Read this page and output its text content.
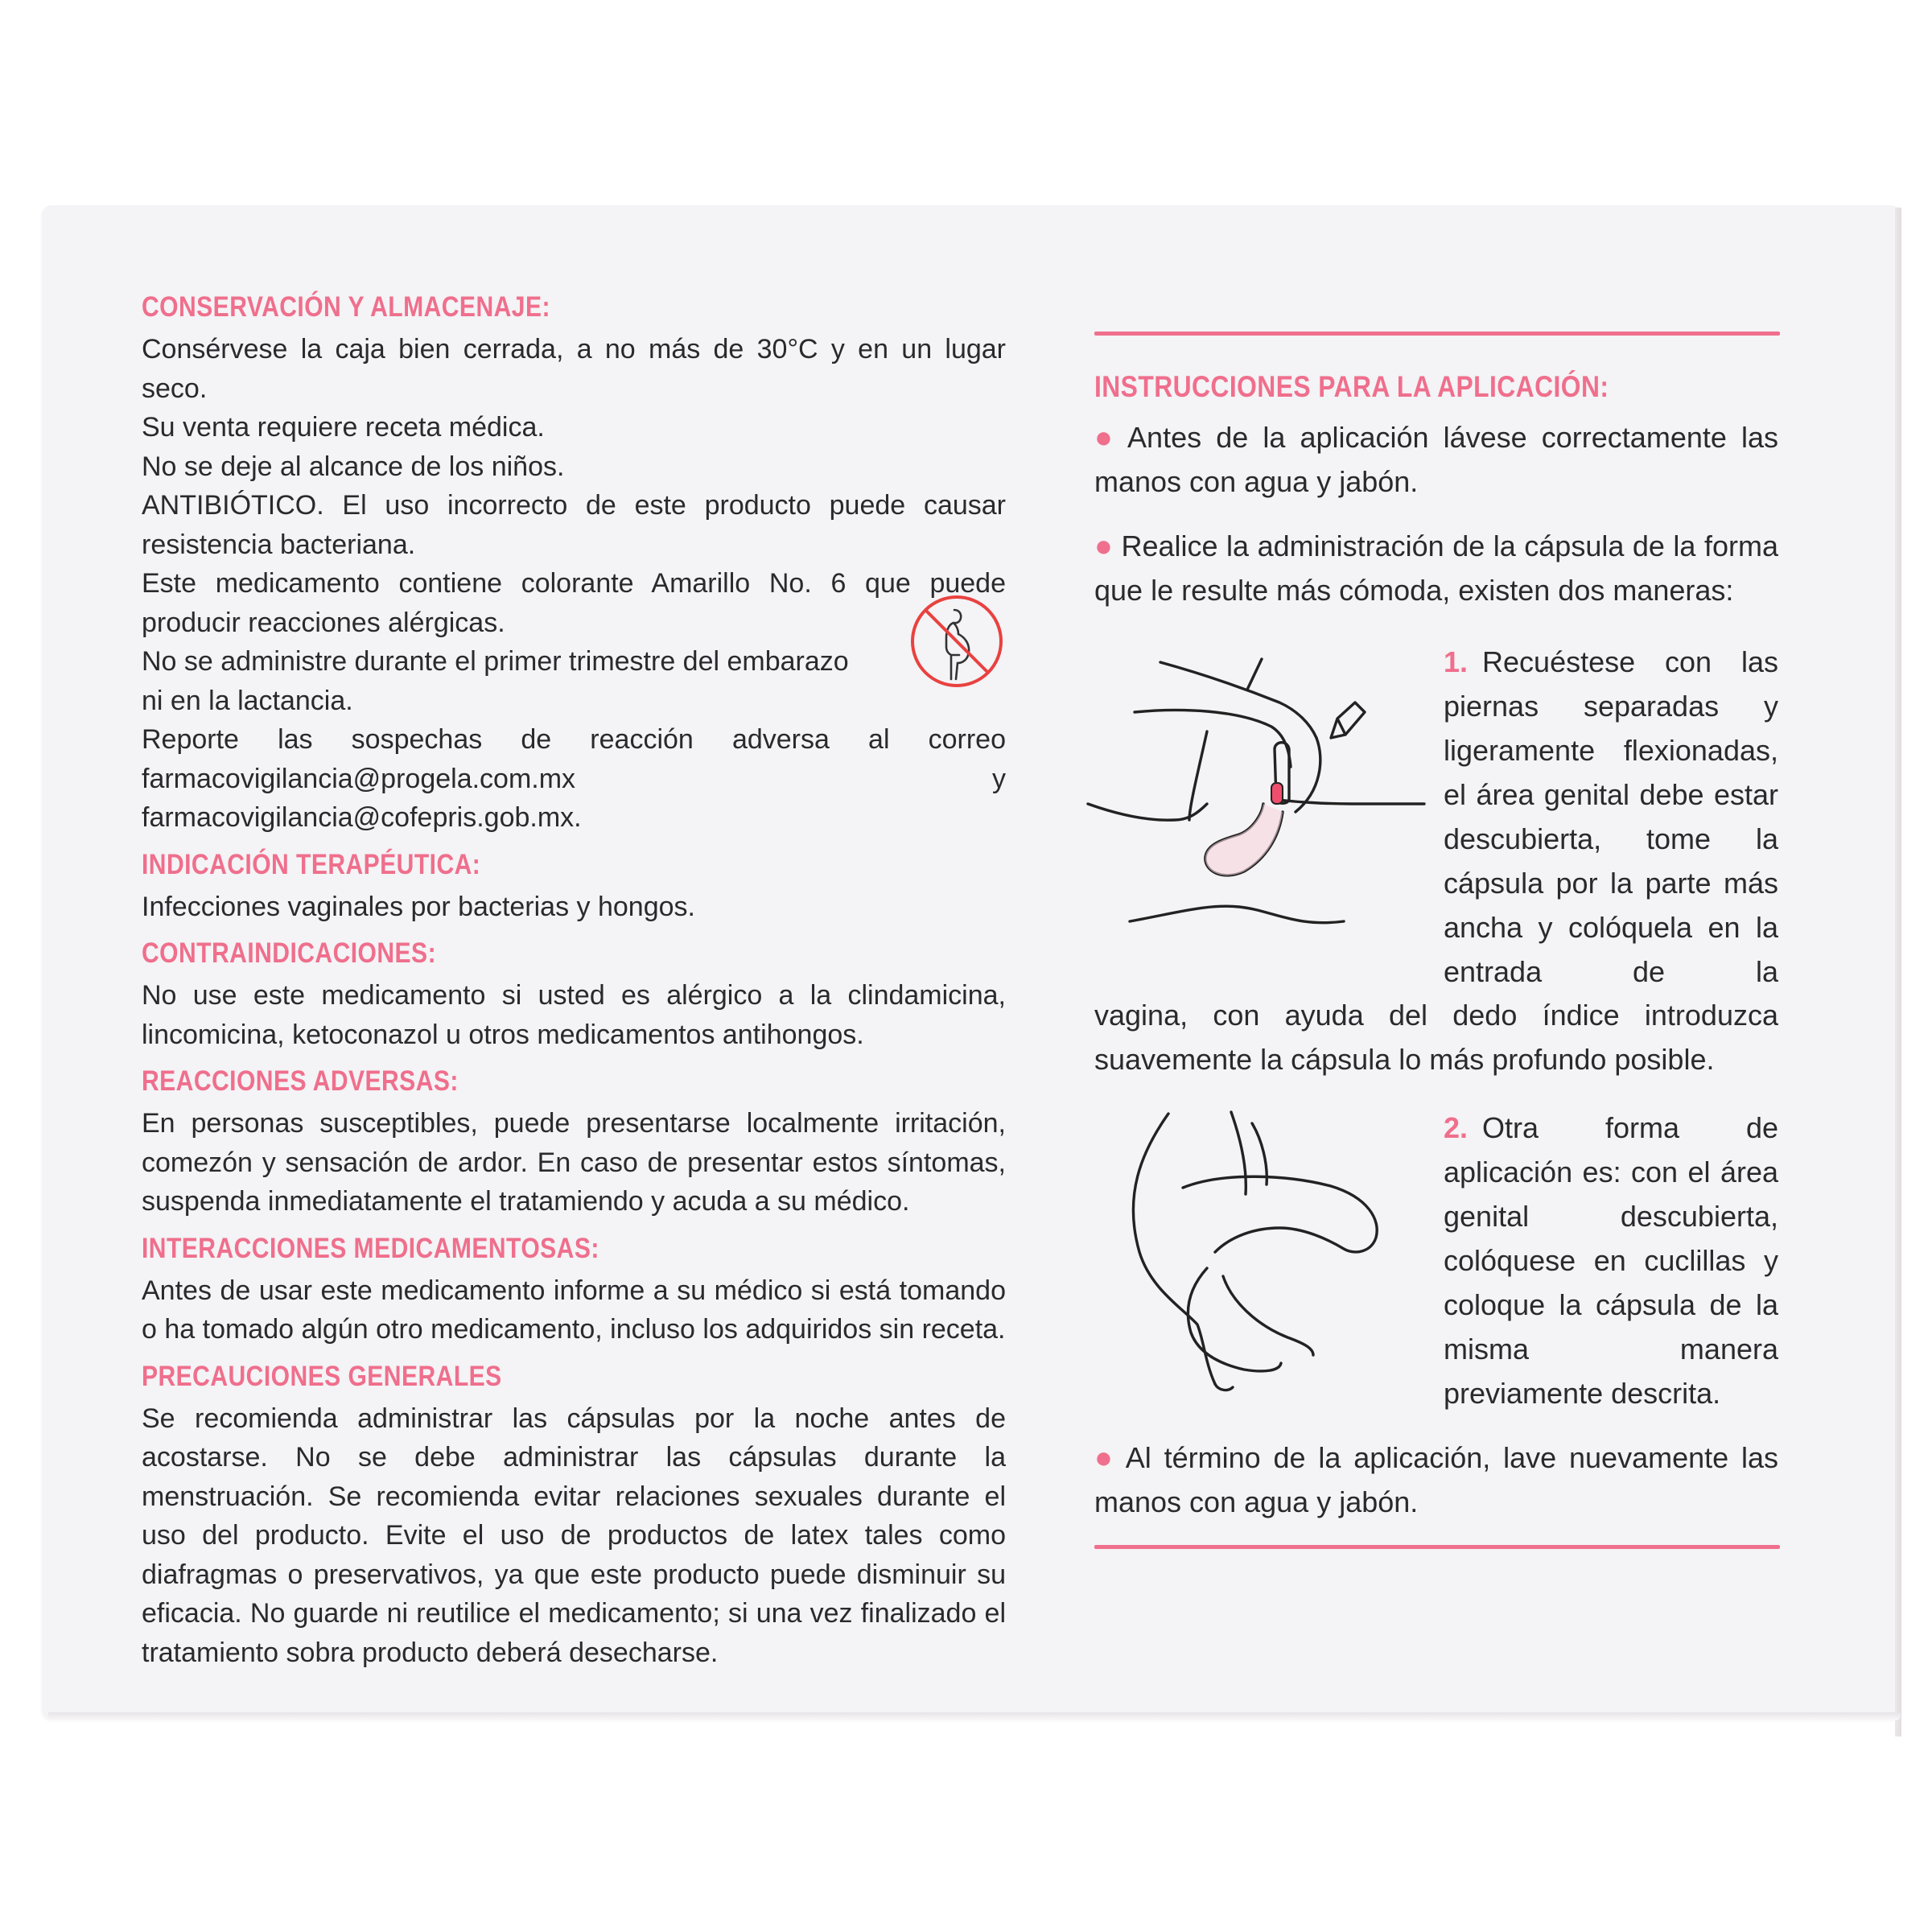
CONSERVACIÓN Y ALMACENAJE:

Consérvese la caja bien cerrada, a no más de 30°C y en un lugar seco.

Su venta requiere receta médica.

No se deje al alcance de los niños.

ANTIBIÓTICO. El uso incorrecto de este producto puede causar resistencia bacteriana.

Este medicamento contiene colorante Amarillo No. 6 que puede producir reacciones alérgicas.

No se administre durante el primer trimestre del embarazo

ni en la lactancia.

Reporte las sospechas de reacción adversa al correo farmacovigilancia@progela.com.mx y farmacovigilancia@cofepris.gob.mx.

INDICACIÓN TERAPÉUTICA:

Infecciones vaginales por bacterias y hongos.

CONTRAINDICACIONES:

No use este medicamento si usted es alérgico a la clindamicina, lincomicina, ketoconazol u otros medicamentos antihongos.

REACCIONES ADVERSAS:

En personas susceptibles, puede presentarse localmente irritación, comezón y sensación de ardor. En caso de presentar estos síntomas, suspenda inmediatamente el tratamiendo y acuda a su médico.

INTERACCIONES MEDICAMENTOSAS:

Antes de usar este medicamento informe a su médico si está tomando o ha tomado algún otro medicamento, incluso los adquiridos sin receta.

PRECAUCIONES GENERALES

Se recomienda administrar las cápsulas por la noche antes de acostarse. No se debe administrar las cápsulas durante la menstruación. Se recomienda evitar relaciones sexuales durante el uso del producto. Evite el uso de productos de latex tales como diafragmas o preservativos, ya que este producto puede disminuir su eficacia. No guarde ni reutilice el medicamento; si una vez finalizado el tratamiento sobra producto deberá desecharse.

INSTRUCCIONES PARA LA APLICACIÓN:

● Antes de la aplicación lávese correctamente las manos con agua y jabón.

● Realice la administración de la cápsula de la forma que le resulte más cómoda, existen dos maneras:

1. Recuéstese con las piernas separadas y ligeramente flexionadas, el área genital debe estar descubierta, tome la cápsula por la parte más ancha y colóquela en la entrada de la

vagina, con ayuda del dedo índice introduzca suavemente la cápsula lo más profundo posible.

2. Otra forma de aplicación es: con el área genital descubierta, colóquese en cuclillas y coloque la cápsula de la misma manera previamente descrita.

● Al término de la aplicación, lave nuevamente las manos con agua y jabón.
